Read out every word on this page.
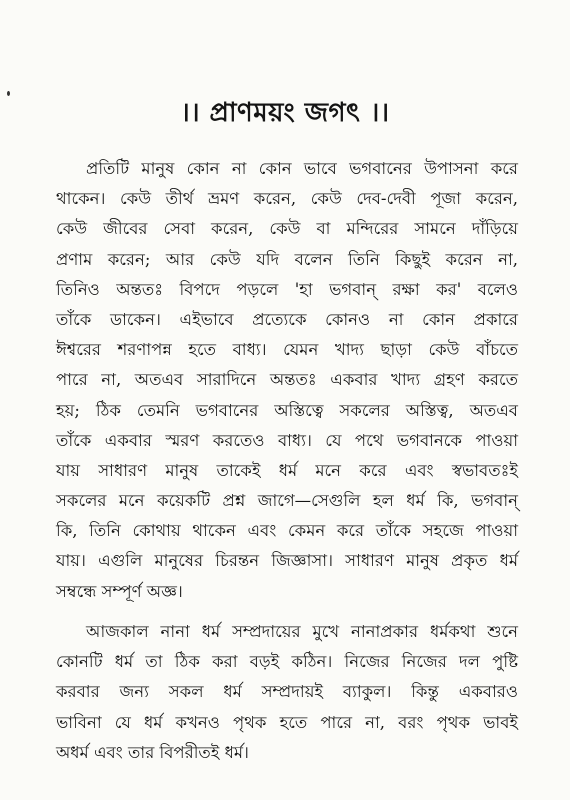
।। প্রাণময়ং জগৎ ।।

প্রতিটি মানুষ কোন না কোন ভাবে ভগবানের উপাসনা করে
থাকেন। কেউ তীর্থ ভ্রমণ করেন, কেউ দেব-দেবী পূজা করেন,
কেউ জীবের সেবা করেন, কেউ বা মন্দিরের সামনে দাঁড়িয়ে
প্রণাম করেন; আর কেউ যদি বলেন তিনি কিছুই করেন না,
তিনিও অন্ততঃ বিপদে পড়লে 'হা ভগবান্ রক্ষা কর' বলেও
তাঁকে ডাকেন। এইভাবে প্রত্যেকে কোনও না কোন প্রকারে
ঈশ্বরের শরণাপন্ন হতে বাধ্য। যেমন খাদ্য ছাড়া কেউ বাঁচতে
পারে না, অতএব সারাদিনে অন্ততঃ একবার খাদ্য গ্রহণ করতে
হয়; ঠিক তেমনি ভগবানের অস্তিত্বে সকলের অস্তিত্ব, অতএব
তাঁকে একবার স্মরণ করতেও বাধ্য। যে পথে ভগবানকে পাওয়া
যায় সাধারণ মানুষ তাকেই ধর্ম মনে করে এবং স্বভাবতঃই
সকলের মনে কয়েকটি প্রশ্ন জাগে—সেগুলি হল ধর্ম কি, ভগবান্
কি, তিনি কোথায় থাকেন এবং কেমন করে তাঁকে সহজে পাওয়া
যায়। এগুলি মানুষের চিরন্তন জিজ্ঞাসা। সাধারণ মানুষ প্রকৃত ধর্ম
সম্বন্ধে সম্পূর্ণ অজ্ঞ।

আজকাল নানা ধর্ম সম্প্রদায়ের মুখে নানাপ্রকার ধর্মকথা শুনে
কোনটি ধর্ম তা ঠিক করা বড়ই কঠিন। নিজের নিজের দল পুষ্টি
করবার জন্য সকল ধর্ম সম্প্রদায়ই ব্যাকুল। কিন্তু একবারও
ভাবিনা যে ধর্ম কখনও পৃথক হতে পারে না, বরং পৃথক ভাবই
অধর্ম এবং তার বিপরীতই ধর্ম।
